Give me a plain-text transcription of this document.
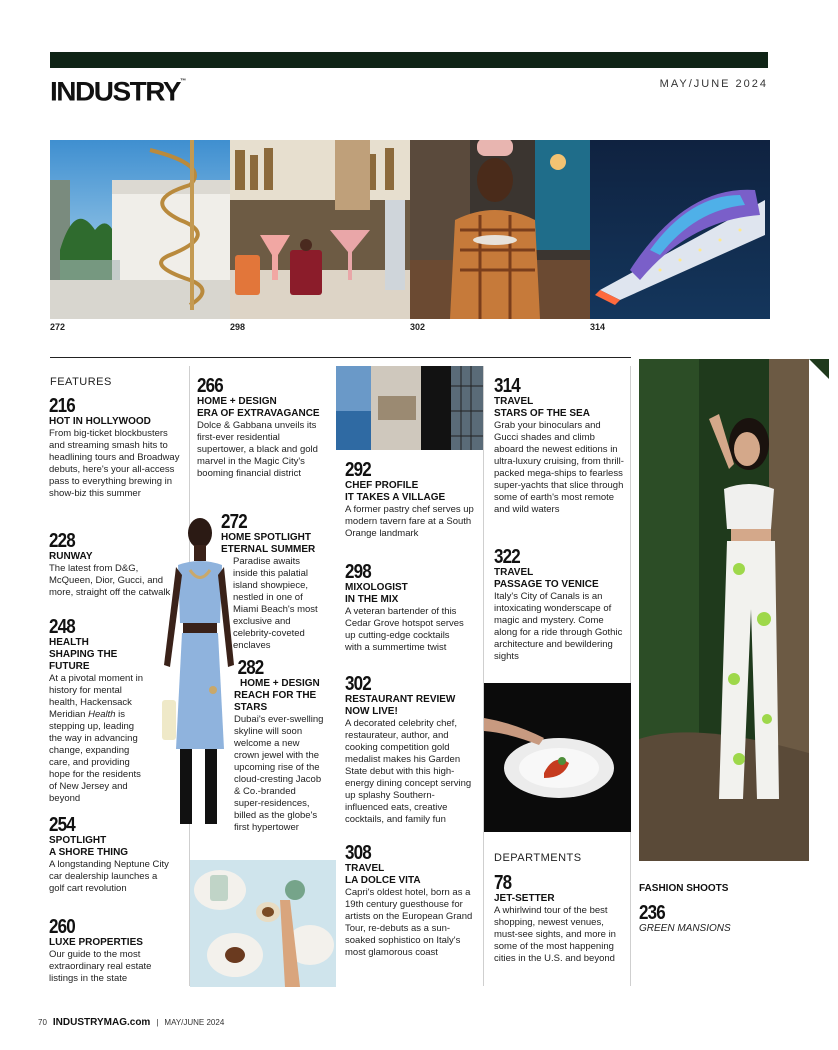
INDUSTRY™	MAY/JUNE 2024
272	298	302	314
FEATURES
216
HOT IN HOLLYWOOD
From big-ticket blockbusters and streaming smash hits to headlining tours and Broadway debuts, here's your all-access pass to everything brewing in show-biz this summer
228
RUNWAY
The latest from D&G, McQueen, Dior, Gucci, and more, straight off the catwalk
248
HEALTH
SHAPING THE FUTURE
At a pivotal moment in history for mental health, Hackensack Meridian Health is stepping up, leading the way in advancing change, expanding care, and providing hope for the residents of New Jersey and beyond
254
SPOTLIGHT
A SHORE THING
A longstanding Neptune City car dealership launches a golf cart revolution
260
LUXE PROPERTIES
Our guide to the most extraordinary real estate listings in the state
266
HOME + DESIGN
ERA OF EXTRAVAGANCE
Dolce & Gabbana unveils its first-ever residential supertower, a black and gold marvel in the Magic City's booming financial district
272
HOME SPOTLIGHT
ETERNAL SUMMER
Paradise awaits inside this palatial island showpiece, nestled in one of Miami Beach's most exclusive and celebrity-coveted enclaves
282
HOME + DESIGN
REACH FOR THE STARS
Dubai's ever-swelling skyline will soon welcome a new crown jewel with the upcoming rise of the cloud-cresting Jacob & Co.-branded super-residences, billed as the globe's first hypertower
292
CHEF PROFILE
IT TAKES A VILLAGE
A former pastry chef serves up modern tavern fare at a South Orange landmark
298
MIXOLOGIST
IN THE MIX
A veteran bartender of this Cedar Grove hotspot serves up cutting-edge cocktails with a summertime twist
302
RESTAURANT REVIEW
NOW LIVE!
A decorated celebrity chef, restaurateur, author, and cooking competition gold medalist makes his Garden State debut with this high-energy dining concept serving up splashy Southern-influenced eats, creative cocktails, and family fun
308
TRAVEL
LA DOLCE VITA
Capri's oldest hotel, born as a 19th century guesthouse for artists on the European Grand Tour, re-debuts as a sun-soaked sophistico on Italy's most glamorous coast
314
TRAVEL
STARS OF THE SEA
Grab your binoculars and Gucci shades and climb aboard the newest editions in ultra-luxury cruising, from thrill-packed mega-ships to fearless super-yachts that slice through some of earth's most remote and wild waters
322
TRAVEL
PASSAGE TO VENICE
Italy's City of Canals is an intoxicating wonderscape of magic and mystery. Come along for a ride through Gothic architecture and bewildering sights
DEPARTMENTS
78
JET-SETTER
A whirlwind tour of the best shopping, newest venues, must-see sights, and more in some of the most happening cities in the U.S. and beyond
FASHION SHOOTS
236
GREEN MANSIONS
70 INDUSTRYMAG.com | MAY/JUNE 2024
